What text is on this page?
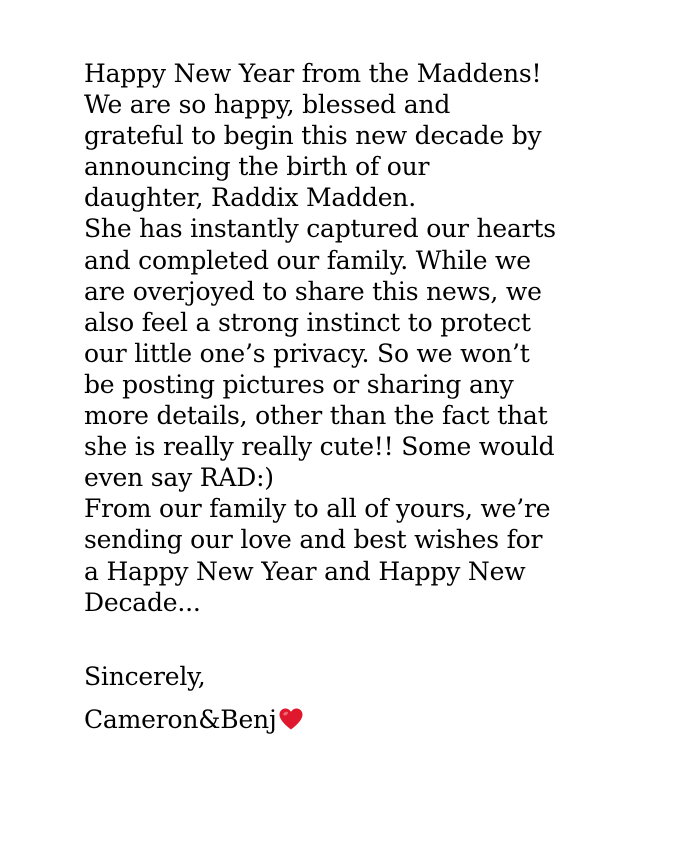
Happy New Year from the Maddens!
We are so happy, blessed and
grateful to begin this new decade by
announcing the birth of our
daughter, Raddix Madden.
She has instantly captured our hearts
and completed our family. While we
are overjoyed to share this news, we
also feel a strong instinct to protect
our little one’s privacy. So we won’t
be posting pictures or sharing any
more details, other than the fact that
she is really really cute!! Some would
even say RAD:)
From our family to all of yours, we’re
sending our love and best wishes for
a Happy New Year and Happy New
Decade...
Sincerely,
Cameron&Benj
